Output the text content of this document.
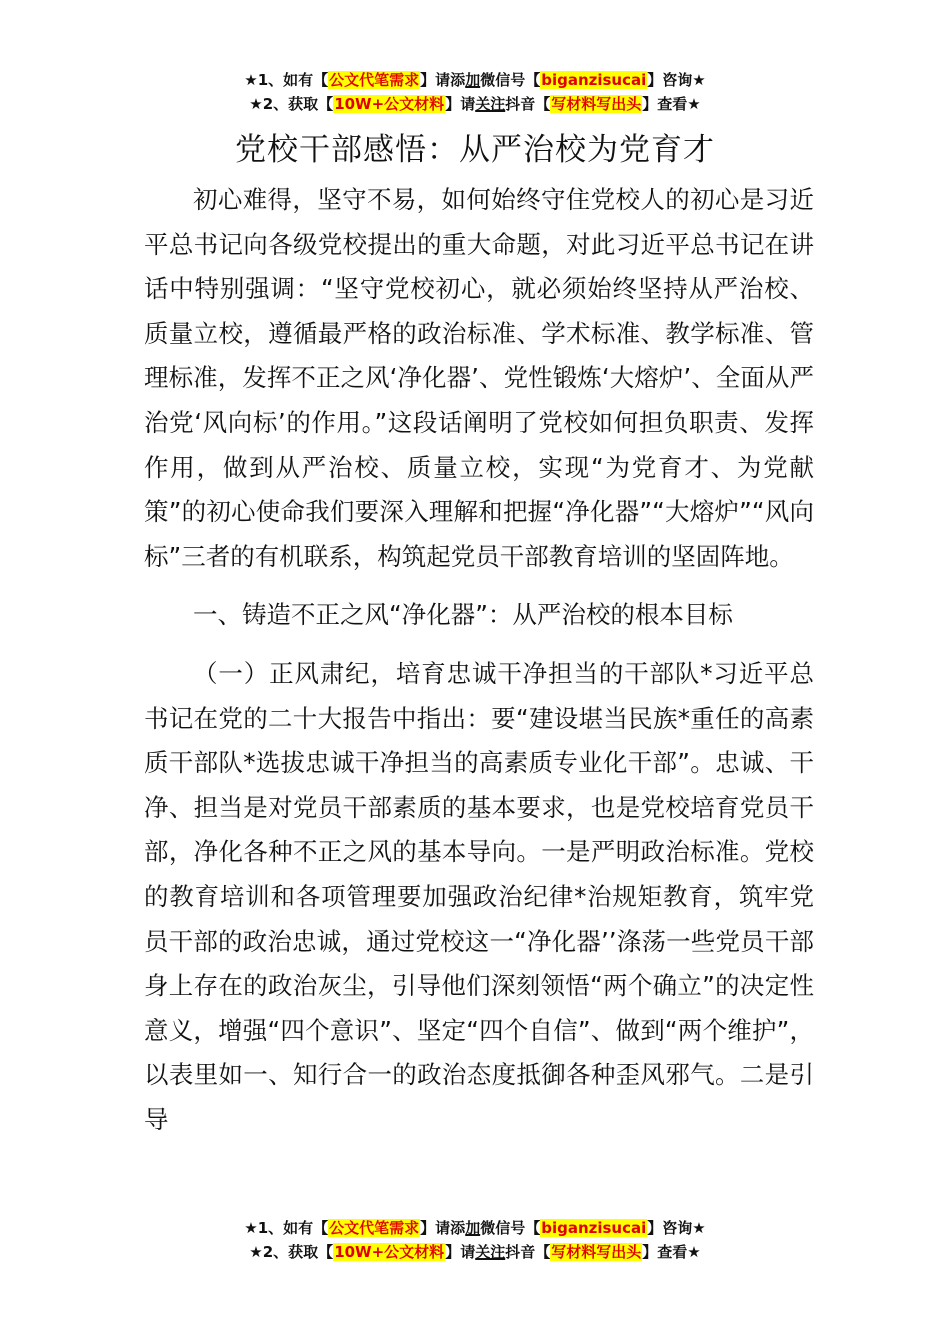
★1、如有【公文代笔需求】请添加微信号【biganzisucai】咨询★
★2、获取【10W+公文材料】请关注抖音【写材料写出头】查看★
党校干部感悟：从严治校为党育才

初心难得，坚守不易，如何始终守住党校人的初心是习近平总书记向各级党校提出的重大命题，对此习近平总书记在讲话中特别强调：“坚守党校初心，就必须始终坚持从严治校、质量立校，遵循最严格的政治标准、学术标准、教学标准、管理标准，发挥不正之风‘净化器’、党性锻炼‘大熔炉’、全面从严治党‘风向标’的作用。”这段话阐明了党校如何担负职责、发挥作用，做到从严治校、质量立校，实现“为党育才、为党献策”的初心使命我们要深入理解和把握“净化器”“大熔炉”“风向标”三者的有机联系，构筑起党员干部教育培训的坚固阵地。

一、铸造不正之风“净化器”：从严治校的根本目标

（一）正风肃纪，培育忠诚干净担当的干部队*习近平总书记在党的二十大报告中指出：要“建设堪当民族*重任的高素质干部队*选拔忠诚干净担当的高素质专业化干部”。忠诚、干净、担当是对党员干部素质的基本要求，也是党校培育党员干部，净化各种不正之风的基本导向。一是严明政治标准。党校的教育培训和各项管理要加强政治纪律*治规矩教育，筑牢党员干部的政治忠诚，通过党校这一“净化器’’涤荡一些党员干部身上存在的政治灰尘，引导他们深刻领悟“两个确立”的决定性意义，增强“四个意识”、坚定“四个自信”、做到“两个维护”，以表里如一、知行合一的政治态度抵御各种歪风邪气。二是引导

★1、如有【公文代笔需求】请添加微信号【biganzisucai】咨询★
★2、获取【10W+公文材料】请关注抖音【写材料写出头】查看★
